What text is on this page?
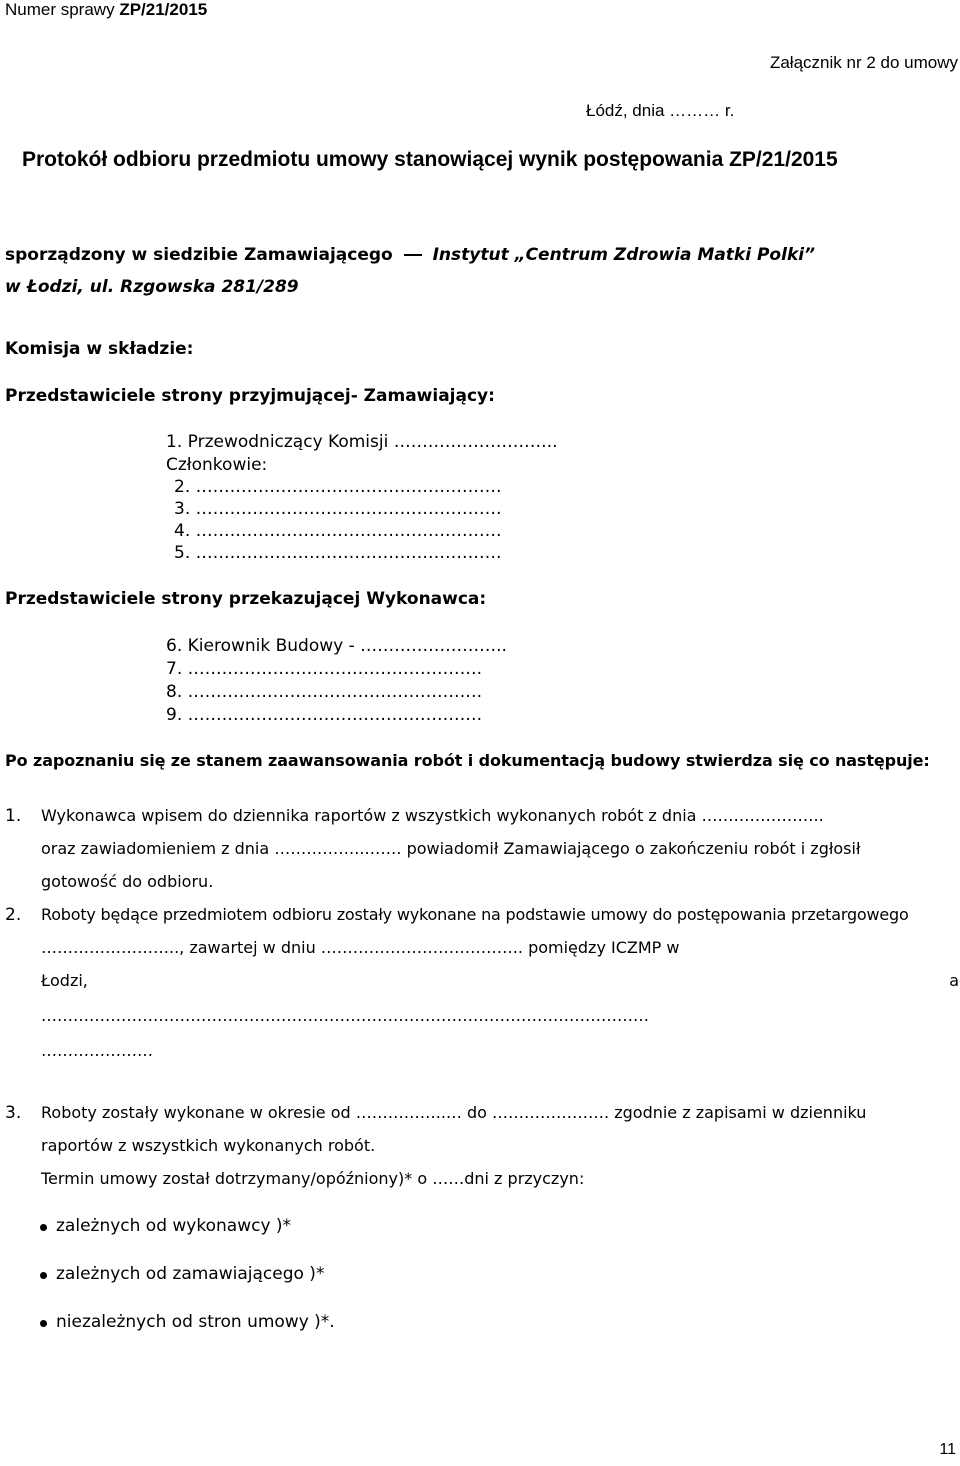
Numer sprawy ZP/21/2015
Załącznik nr 2 do umowy
Łódź, dnia ……… r.
Protokół odbioru przedmiotu umowy stanowiącej wynik postępowania ZP/21/2015
sporządzony w siedzibie Zamawiającego Instytut „Centrum Zdrowia Matki Polki”
w Łodzi, ul. Rzgowska 281/289
Komisja w składzie:
Przedstawiciele strony przyjmującej- Zamawiający:
1. Przewodniczący Komisji ………………………..
Członkowie:
2. ………………………………………………
3. ………………………………………………
4. ………………………………………………
5. ………………………………………………
Przedstawiciele strony przekazującej Wykonawca:
6. Kierownik Budowy - ……………………..
7. …………………………………………….
8. …………………………………………….
9. …………………………………………….
Po zapoznaniu się ze stanem zaawansowania robót i dokumentacją budowy stwierdza się co następuje:
1. Wykonawca wpisem do dziennika raportów z wszystkich wykonanych robót z dnia …………………..
oraz zawiadomieniem z dnia ……………..……. powiadomił Zamawiającego o zakończeniu robót i zgłosił
gotowość do odbioru.
2. Roboty będące przedmiotem odbioru zostały wykonane na podstawie umowy do postępowania przetargowego
…………………….., zawartej w dniu ……………………………….. pomiędzy ICZMP w
Łodzi,	a
……………………………………………………………………………………………………
…………………
3. Roboty zostały wykonane w okresie od ……………..… do …………………. zgodnie z zapisami w dzienniku
raportów z wszystkich wykonanych robót.
Termin umowy został dotrzymany/opóźniony)* o ……dni z przyczyn:
zależnych od wykonawcy )*
zależnych od zamawiającego )*
niezależnych od stron umowy )*.
11
